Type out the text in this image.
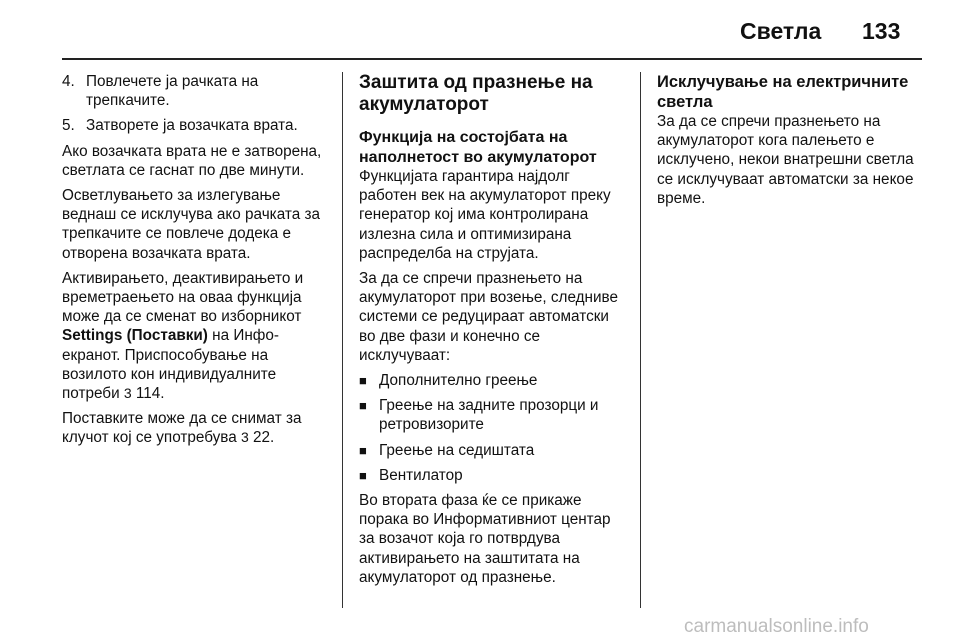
Светла 133
4. Повлечете ја рачката на трепкачите.
5. Затворете ја возачката врата.

Ако возачката врата не е затворена, светлата се гаснат по две минути.

Осветлувањето за излегување веднаш се исклучува ако рачката за трепкачите се повлече додека е отворена возачката врата.

Активирањето, деактивирањето и времетраењето на оваа функција може да се сменат во изборникот Settings (Поставки) на Инфо-екранот. Приспособување на возилото кон индивидуалните потреби 3 114.

Поставките може да се снимат за клучот кој се употребува 3 22.

Заштита од празнење на акумулаторот
Функција на состојбата на наполнетост во акумулаторот

Функцијата гарантира најдолг работен век на акумулаторот преку генератор кој има контролирана излезна сила и оптимизирана распределба на струјата.

За да се спречи празнењето на акумулаторот при возење, следниве системи се редуцираат автоматски во две фази и конечно се исклучуваат:

■ Дополнително греење
■ Греење на задните прозорци и ретровизорите
■ Греење на седиштата
■ Вентилатор

Во втората фаза ќе се прикаже порака во Информативниот центар за возачот која го потврдува активирањето на заштитата на акумулаторот од празнење.

Исклучување на електричните светла

За да се спречи празнењето на акумулаторот кога палењето е исклучено, некои внатрешни светла се исклучуваат автоматски за некое време.

carmanualsonline.info
